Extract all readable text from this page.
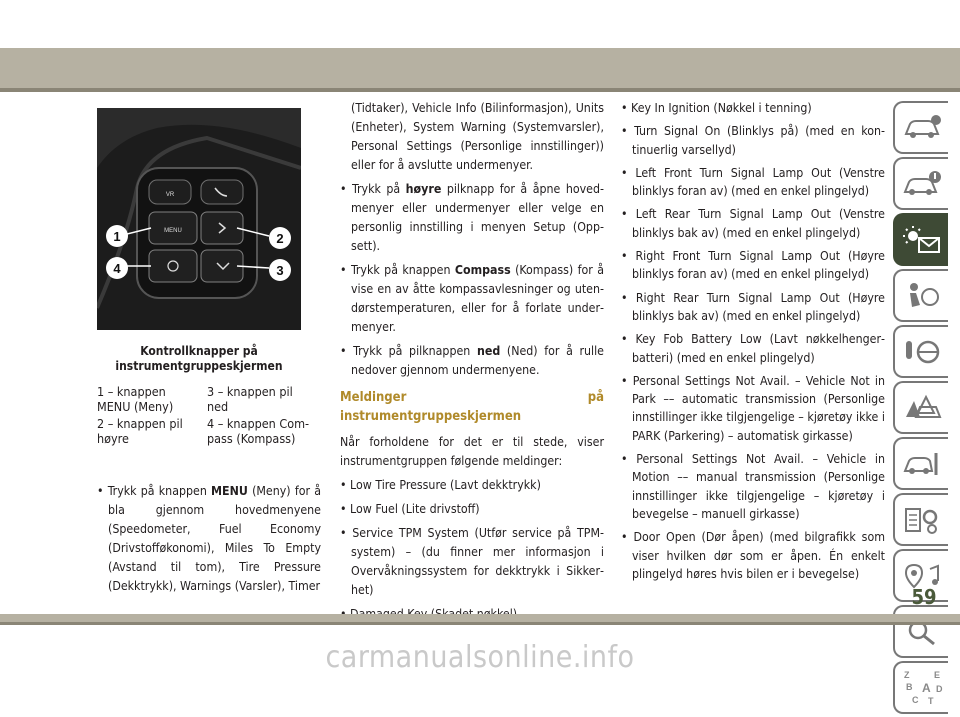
VR
MENU
1	2
3
4
Kontrollknapper på
instrumentgruppeskjermen
1 – knappen
MENU (Meny)
3 – knappen pil
ned
2 – knappen pil
høyre
4 – knappen Com-
pass (Kompass)

• Trykk på knappen MENU (Meny) for å bla gjennom hovedmenyene (Speedometer, Fuel Economy (Drivstofføkonomi), Miles To Empty (Avstand til tom), Tire Pressure (Dekktrykk), Warnings (Varsler), Timer

(Tidtaker), Vehicle Info (Bilinformasjon), Units (Enheter), System Warning (Systemvarsler), Personal Settings (Personlige innstillinger)) eller for å avslutte undermenyer.

• Trykk på høyre pilknapp for å åpne hovedmenyer eller undermenyer eller velge en personlig innstilling i menyen Setup (Oppsett).

• Trykk på knappen Compass (Kompass) for å vise en av åtte kompassavlesninger og utendørstemperaturen, eller for å forlate undermenyer.

• Trykk på pilknappen ned (Ned) for å rulle nedover gjennom undermenyene.

Meldinger på instrumentgruppeskjermen

Når forholdene for det er til stede, viser instrumentgruppen følgende meldinger:

• Low Tire Pressure (Lavt dekktrykk)

• Low Fuel (Lite drivstoff)

• Service TPM System (Utfør service på TPM-system) – (du finner mer informasjon i Overvåkningssystem for dekktrykk i Sikkerhet)

• Key In Ignition (Nøkkel i tenning)

• Turn Signal On (Blinklys på) (med en kontinuerlig varsellyd)

• Left Front Turn Signal Lamp Out (Venstre blinklys foran av) (med en enkel plingelyd)

• Left Rear Turn Signal Lamp Out (Venstre blinklys bak av) (med en enkel plingelyd)

• Right Front Turn Signal Lamp Out (Høyre blinklys foran av) (med en enkel plingelyd)

• Right Rear Turn Signal Lamp Out (Høyre blinklys bak av) (med en enkel plingelyd)

• Key Fob Battery Low (Lavt nøkkelhengerbatteri) (med en enkel plingelyd)

• Personal Settings Not Avail. – Vehicle Not in Park –– automatic transmission (Personlige innstillinger ikke tilgjengelige – kjøretøy ikke i PARK (Parkering) – automatisk girkasse)

• Personal Settings Not Avail. – Vehicle in Motion –– manual transmission (Personlige innstillinger ikke tilgjengelige – kjøretøy i bevegelse – manuell girkasse)

• Door Open (Dør åpen) (med bilgrafikk som viser hvilken dør som er åpen. Én enkelt plingelyd høres hvis bilen er i bevegelse)

Z	E
B A D
C T
59
carmanualsonline.info
